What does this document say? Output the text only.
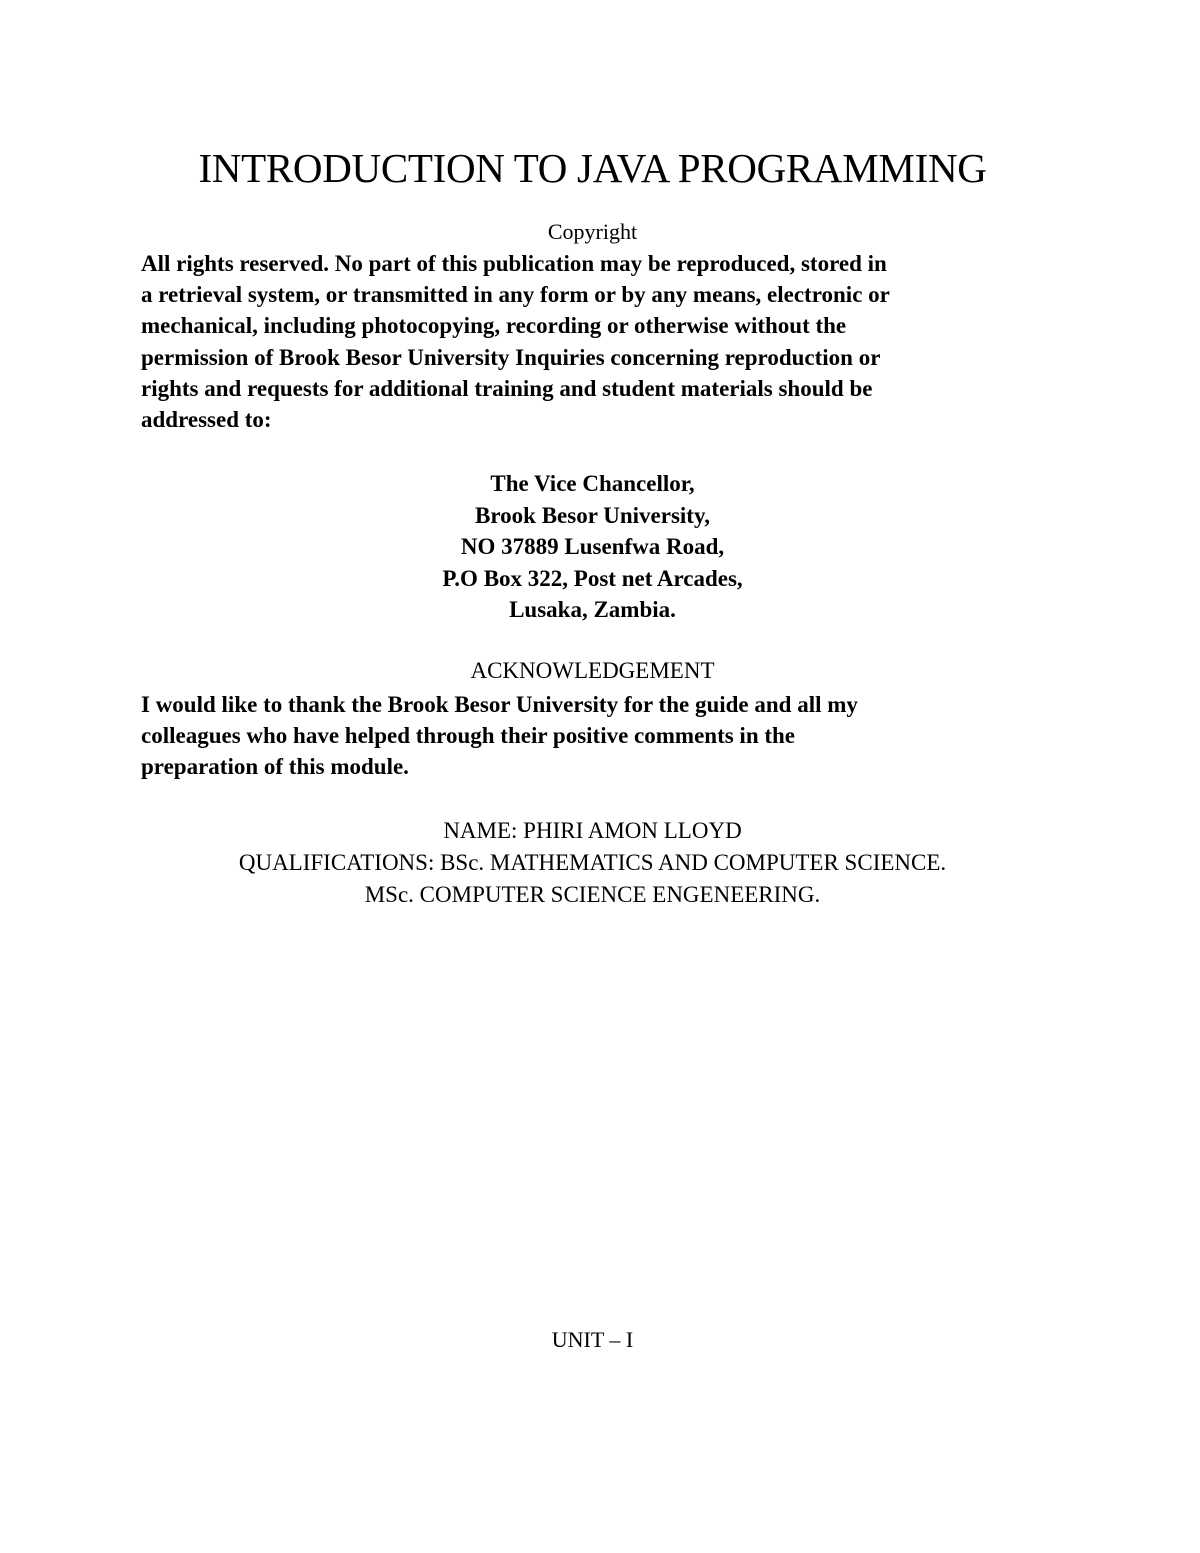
INTRODUCTION TO JAVA PROGRAMMING

Copyright

All rights reserved. No part of this publication may be reproduced, stored in
a retrieval system, or transmitted in any form or by any means, electronic or
mechanical, including photocopying, recording or otherwise without the
permission of Brook Besor University Inquiries concerning reproduction or
rights and requests for additional training and student materials should be
addressed to:
The Vice Chancellor,
Brook Besor University,
NO 37889 Lusenfwa Road,
P.O Box 322, Post net Arcades,
Lusaka, Zambia.
ACKNOWLEDGEMENT
I would like to thank the Brook Besor University for the guide and all my
colleagues who have helped through their positive comments in the
preparation of this module.
NAME: PHIRI AMON LLOYD
QUALIFICATIONS: BSc. MATHEMATICS AND COMPUTER SCIENCE.
MSc. COMPUTER SCIENCE ENGENEERING.

UNIT – I
